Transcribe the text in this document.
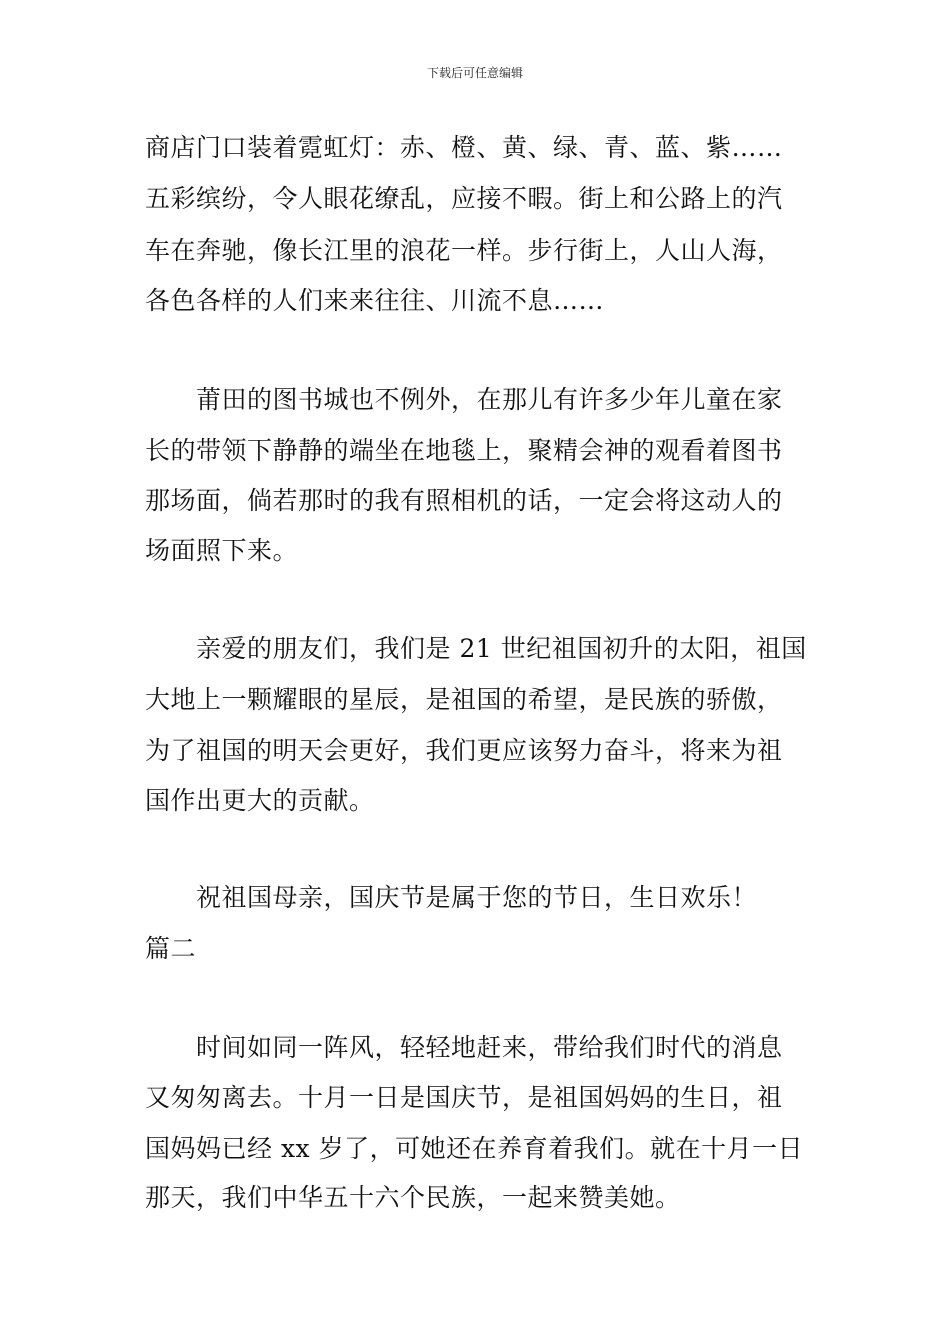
下载后可任意编辑
商店门口装着霓虹灯：赤、橙、黄、绿、青、蓝、紫……
五彩缤纷，令人眼花缭乱，应接不暇。街上和公路上的汽
车在奔驰，像长江里的浪花一样。步行街上，人山人海，
各色各样的人们来来往往、川流不息……
莆田的图书城也不例外，在那儿有许多少年儿童在家
长的带领下静静的端坐在地毯上，聚精会神的观看着图书
那场面，倘若那时的我有照相机的话，一定会将这动人的
场面照下来。
亲爱的朋友们，我们是 21 世纪祖国初升的太阳，祖国
大地上一颗耀眼的星辰，是祖国的希望，是民族的骄傲，
为了祖国的明天会更好，我们更应该努力奋斗，将来为祖
国作出更大的贡献。
祝祖国母亲，国庆节是属于您的节日，生日欢乐！
篇二
时间如同一阵风，轻轻地赶来，带给我们时代的消息
又匆匆离去。十月一日是国庆节，是祖国妈妈的生日，祖
国妈妈已经 xx 岁了，可她还在养育着我们。就在十月一日
那天，我们中华五十六个民族，一起来赞美她。
